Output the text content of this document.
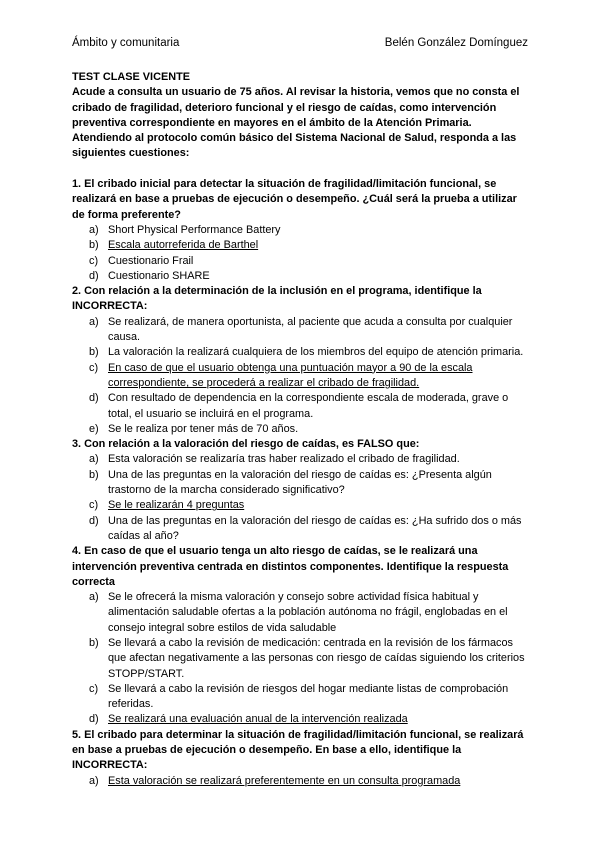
Ámbito y comunitaria	Belén González Domínguez
TEST CLASE VICENTE

Acude a consulta un usuario de 75 años. Al revisar la historia, vemos que no consta el cribado de fragilidad, deterioro funcional y el riesgo de caídas, como intervención preventiva correspondiente en mayores en el ámbito de la Atención Primaria. Atendiendo al protocolo común básico del Sistema Nacional de Salud, responda a las siguientes cuestiones:

1. El cribado inicial para detectar la situación de fragilidad/limitación funcional, se realizará en base a pruebas de ejecución o desempeño. ¿Cuál será la prueba a utilizar de forma preferente?

a) Short Physical Performance Battery
b) Escala autorreferida de Barthel
c) Cuestionario Frail
d) Cuestionario SHARE

2. Con relación a la determinación de la inclusión en el programa, identifique la INCORRECTA:

a) Se realizará, de manera oportunista, al paciente que acuda a consulta por cualquier causa.
b) La valoración la realizará cualquiera de los miembros del equipo de atención primaria.
c) En caso de que el usuario obtenga una puntuación mayor a 90 de la escala correspondiente, se procederá a realizar el cribado de fragilidad.
d) Con resultado de dependencia en la correspondiente escala de moderada, grave o total, el usuario se incluirá en el programa.
e) Se le realiza por tener más de 70 años.

3. Con relación a la valoración del riesgo de caídas, es FALSO que:

a) Esta valoración se realizaría tras haber realizado el cribado de fragilidad.
b) Una de las preguntas en la valoración del riesgo de caídas es: ¿Presenta algún trastorno de la marcha considerado significativo?
c) Se le realizarán 4 preguntas
d) Una de las preguntas en la valoración del riesgo de caídas es: ¿Ha sufrido dos o más caídas al año?

4. En caso de que el usuario tenga un alto riesgo de caídas, se le realizará una intervención preventiva centrada en distintos componentes. Identifique la respuesta correcta

a) Se le ofrecerá la misma valoración y consejo sobre actividad física habitual y alimentación saludable ofertas a la población autónoma no frágil, englobadas en el consejo integral sobre estilos de vida saludable
b) Se llevará a cabo la revisión de medicación: centrada en la revisión de los fármacos que afectan negativamente a las personas con riesgo de caídas siguiendo los criterios STOPP/START.
c) Se llevará a cabo la revisión de riesgos del hogar mediante listas de comprobación referidas.
d) Se realizará una evaluación anual de la intervención realizada

5. El cribado para determinar la situación de fragilidad/limitación funcional, se realizará en base a pruebas de ejecución o desempeño. En base a ello, identifique la INCORRECTA:

a) Esta valoración se realizará preferentemente en un consulta programada
